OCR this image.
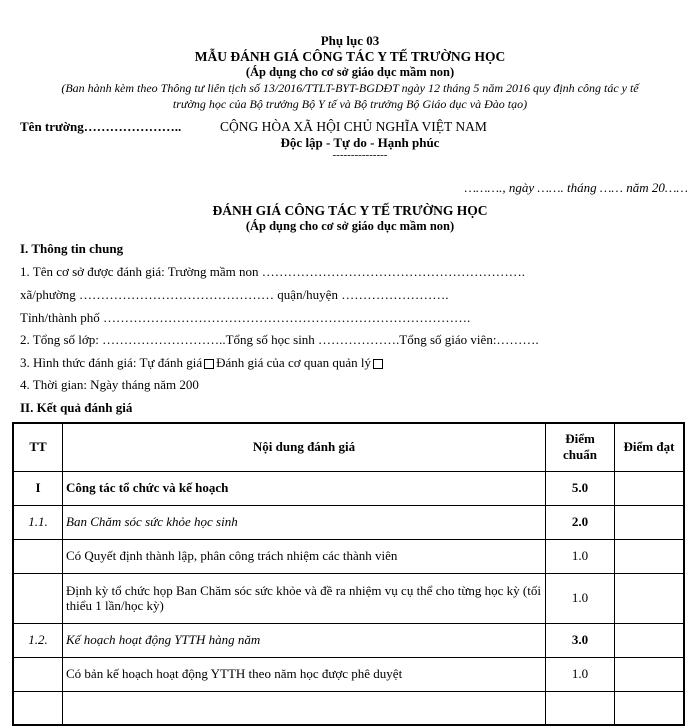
Phụ lục 03
MẪU ĐÁNH GIÁ CÔNG TÁC Y TẾ TRƯỜNG HỌC
(Áp dụng cho cơ sở giáo dục mầm non)
(Ban hành kèm theo Thông tư liên tịch số 13/2016/TTLT-BYT-BGDĐT ngày 12 tháng 5 năm 2016 quy định công tác y tế
trường học của Bộ trưởng Bộ Y tế và Bộ trưởng Bộ Giáo dục và Đào tạo)
Tên trường…………………..	CỘNG HÒA XÃ HỘI CHỦ NGHĨA VIỆT NAM
Độc lập - Tự do - Hạnh phúc
---------------
………., ngày ……. tháng …… năm 20……
ĐÁNH GIÁ CÔNG TÁC Y TẾ TRƯỜNG HỌC
(Áp dụng cho cơ sở giáo dục mầm non)
I. Thông tin chung
1. Tên cơ sở được đánh giá: Trường mầm non …………………………………………………….
xã/phường ……………………………………… quận/huyện …………………….
Tỉnh/thành phố ………………………………………………………………………….
2. Tổng số lớp: ………………………..Tổng số học sinh ……………….Tổng số giáo viên:……….
3. Hình thức đánh giá: Tự đánh giá Đánh giá của cơ quan quản lý
4. Thời gian: Ngày tháng năm 200
II. Kết quả đánh giá
TT	Nội dung đánh giá	Điểm chuẩn	Điểm đạt
I	Công tác tổ chức và kế hoạch	5.0	
1.1.	Ban Chăm sóc sức khỏe học sinh	2.0	
	Có Quyết định thành lập, phân công trách nhiệm các thành viên	1.0	
	Định kỳ tổ chức họp Ban Chăm sóc sức khỏe và đề ra nhiệm vụ cụ thể cho từng học kỳ (tối thiểu 1 lần/học kỳ)	1.0	
1.2.	Kế hoạch hoạt động YTTH hàng năm	3.0	
	Có bản kế hoạch hoạt động YTTH theo năm học được phê duyệt	1.0	
